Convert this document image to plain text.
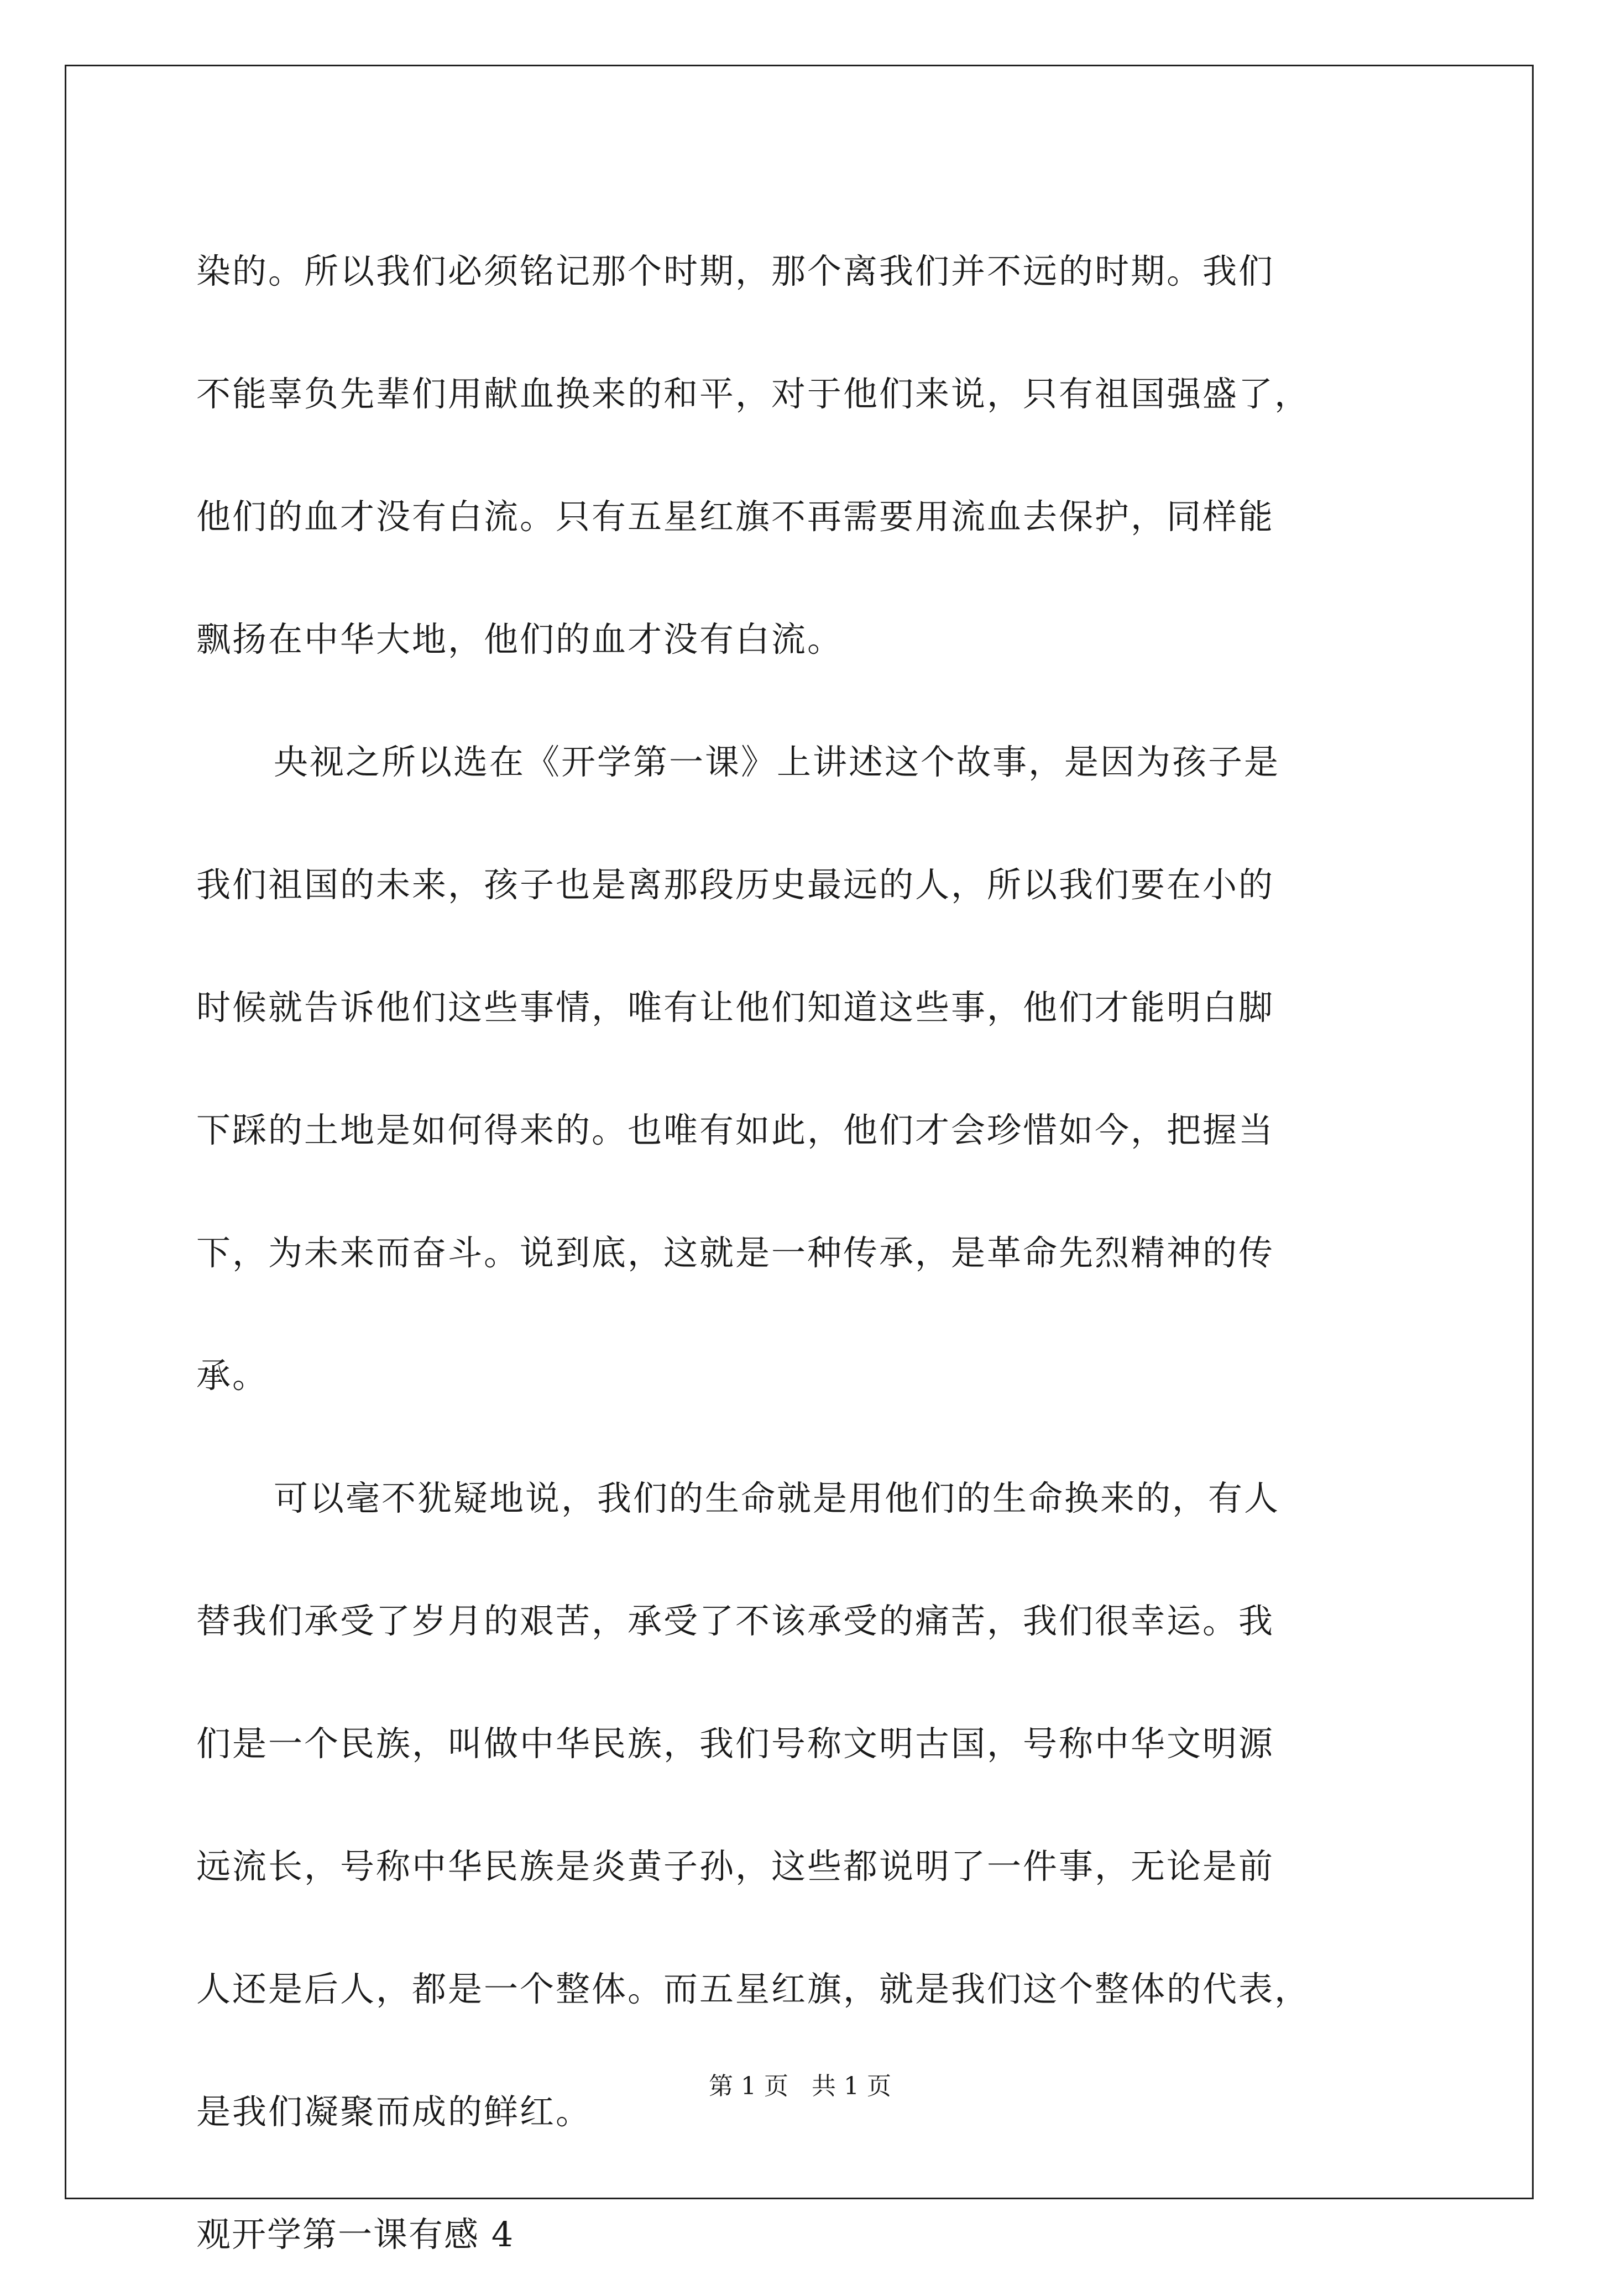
染的。所以我们必须铭记那个时期，那个离我们并不远的时期。我们
不能辜负先辈们用献血换来的和平，对于他们来说，只有祖国强盛了，
他们的血才没有白流。只有五星红旗不再需要用流血去保护，同样能
飘扬在中华大地，他们的血才没有白流。
央视之所以选在《开学第一课》上讲述这个故事，是因为孩子是
我们祖国的未来，孩子也是离那段历史最远的人，所以我们要在小的
时候就告诉他们这些事情，唯有让他们知道这些事，他们才能明白脚
下踩的土地是如何得来的。也唯有如此，他们才会珍惜如今，把握当
下，为未来而奋斗。说到底，这就是一种传承，是革命先烈精神的传
承。
可以毫不犹疑地说，我们的生命就是用他们的生命换来的，有人
替我们承受了岁月的艰苦，承受了不该承受的痛苦，我们很幸运。我
们是一个民族，叫做中华民族，我们号称文明古国，号称中华文明源
远流长，号称中华民族是炎黄子孙，这些都说明了一件事，无论是前
人还是后人，都是一个整体。而五星红旗，就是我们这个整体的代表，
是我们凝聚而成的鲜红。
观开学第一课有感 4
第 1 页 共 1 页
